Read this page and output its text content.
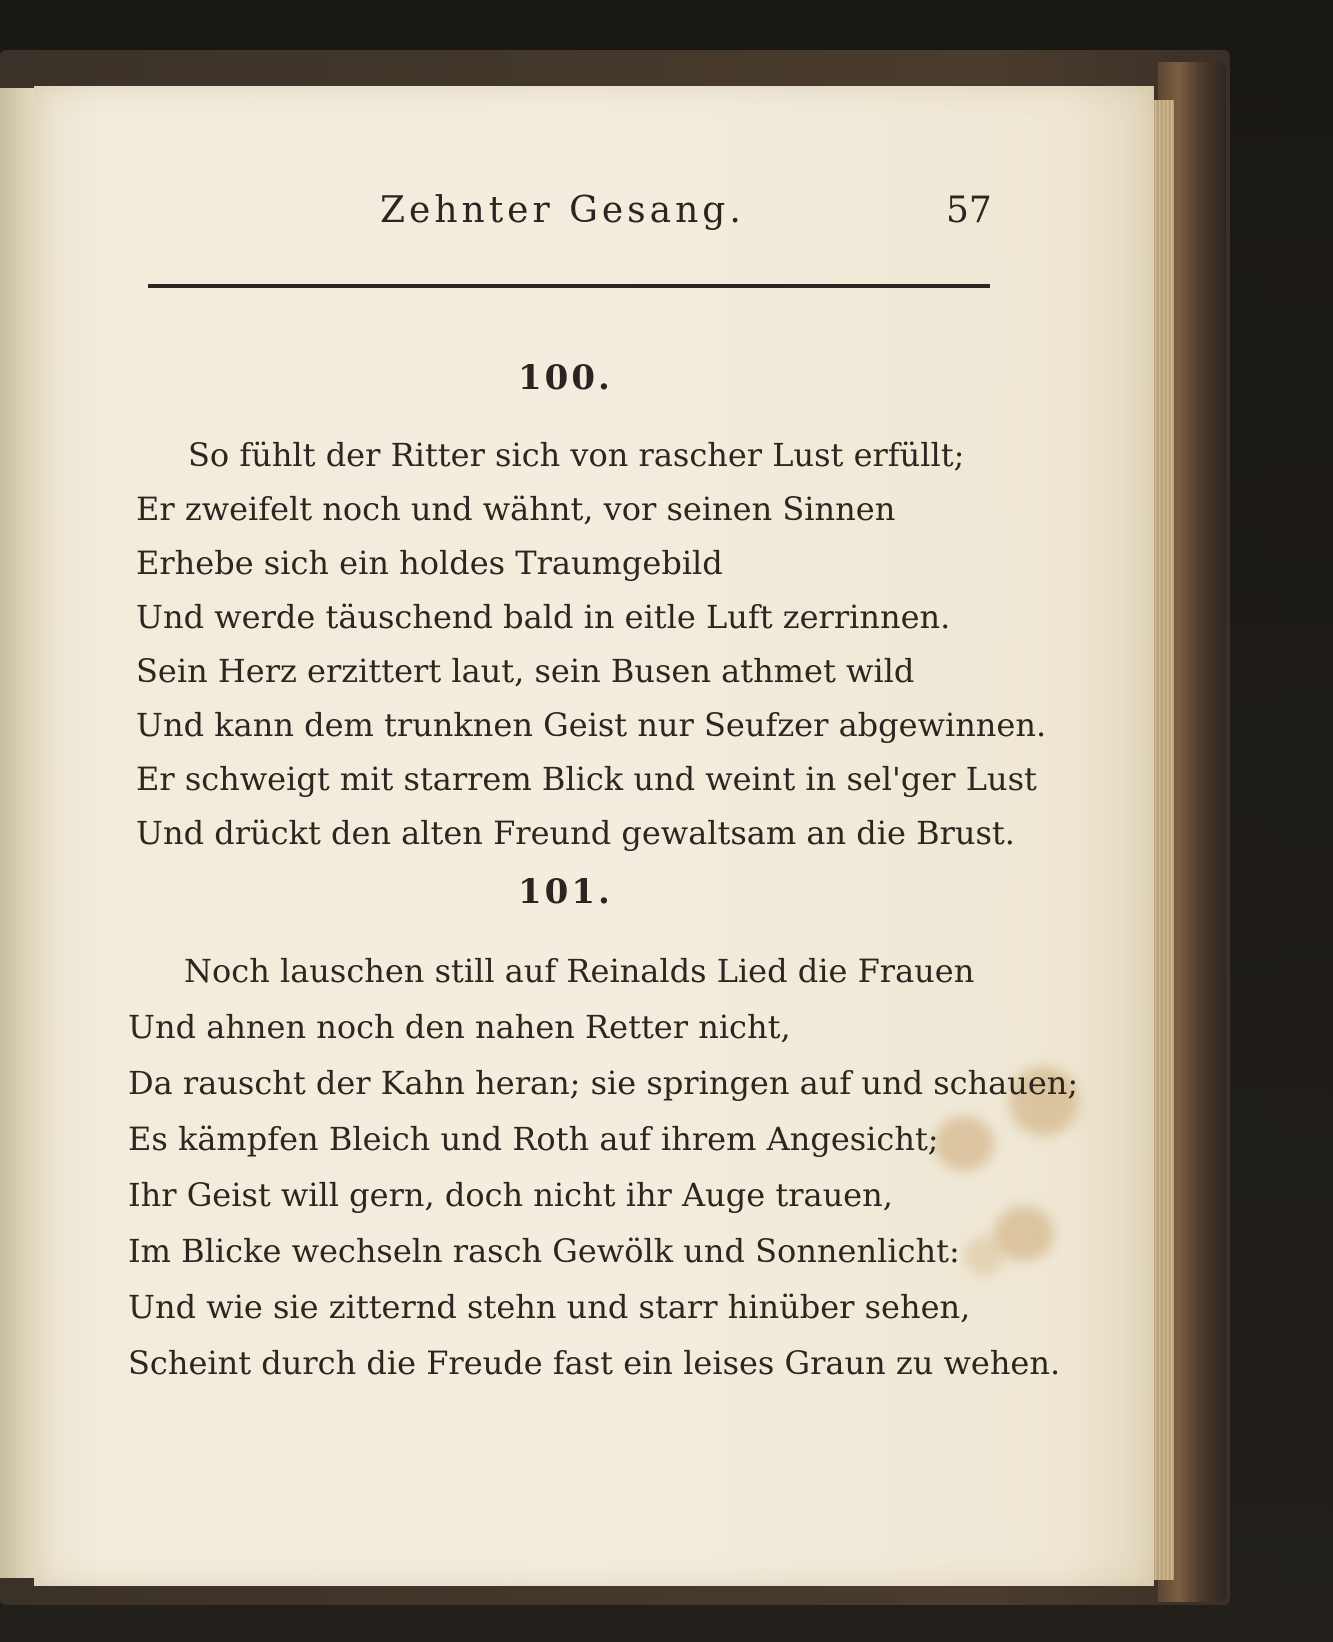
Zehnter Gesang.	57
100.
So fühlt der Ritter sich von rascher Lust erfüllt;
Er zweifelt noch und wähnt, vor seinen Sinnen
Erhebe sich ein holdes Traumgebild
Und werde täuschend bald in eitle Luft zerrinnen.
Sein Herz erzittert laut, sein Busen athmet wild
Und kann dem trunknen Geist nur Seufzer abgewinnen.
Er schweigt mit starrem Blick und weint in sel'ger Lust
Und drückt den alten Freund gewaltsam an die Brust.
101.
Noch lauschen still auf Reinalds Lied die Frauen
Und ahnen noch den nahen Retter nicht,
Da rauscht der Kahn heran; sie springen auf und schauen;
Es kämpfen Bleich und Roth auf ihrem Angesicht;
Ihr Geist will gern, doch nicht ihr Auge trauen,
Im Blicke wechseln rasch Gewölk und Sonnenlicht:
Und wie sie zitternd stehn und starr hinüber sehen,
Scheint durch die Freude fast ein leises Graun zu wehen.
